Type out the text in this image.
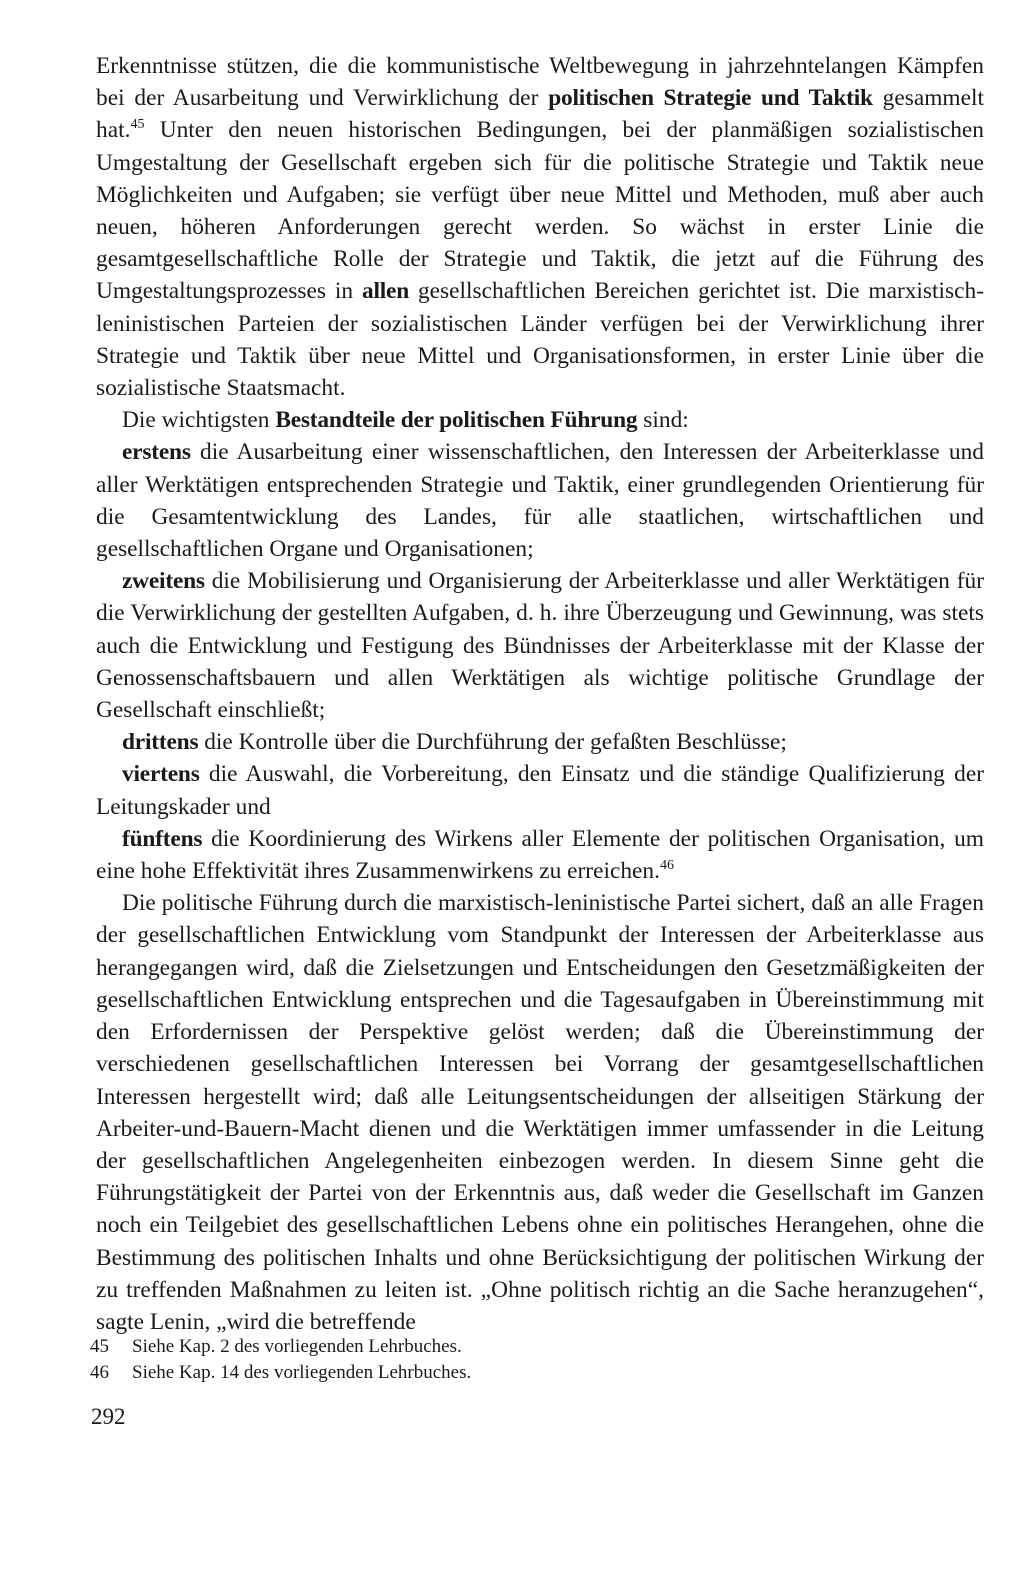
Erkenntnisse stützen, die die kommunistische Weltbewegung in jahrzehntelangen Kämpfen bei der Ausarbeitung und Verwirklichung der politischen Strategie und Taktik gesammelt hat.$^{45}$ Unter den neuen historischen Bedingungen, bei der planmäßigen sozialistischen Umgestaltung der Gesellschaft ergeben sich für die politische Strategie und Taktik neue Möglichkeiten und Aufgaben; sie verfügt über neue Mittel und Methoden, muß aber auch neuen, höheren Anforderungen gerecht werden. So wächst in erster Linie die gesamtgesellschaftliche Rolle der Strategie und Taktik, die jetzt auf die Führung des Umgestaltungsprozesses in allen gesellschaftlichen Bereichen gerichtet ist. Die marxistisch-leninistischen Parteien der sozialistischen Länder verfügen bei der Verwirklichung ihrer Strategie und Taktik über neue Mittel und Organisationsformen, in erster Linie über die sozialistische Staatsmacht.

Die wichtigsten Bestandteile der politischen Führung sind:

erstens die Ausarbeitung einer wissenschaftlichen, den Interessen der Arbeiterklasse und aller Werktätigen entsprechenden Strategie und Taktik, einer grundlegenden Orientierung für die Gesamtentwicklung des Landes, für alle staatlichen, wirtschaftlichen und gesellschaftlichen Organe und Organisationen;

zweitens die Mobilisierung und Organisierung der Arbeiterklasse und aller Werktätigen für die Verwirklichung der gestellten Aufgaben, d. h. ihre Überzeugung und Gewinnung, was stets auch die Entwicklung und Festigung des Bündnisses der Arbeiterklasse mit der Klasse der Genossenschaftsbauern und allen Werktätigen als wichtige politische Grundlage der Gesellschaft einschließt;

drittens die Kontrolle über die Durchführung der gefaßten Beschlüsse;

viertens die Auswahl, die Vorbereitung, den Einsatz und die ständige Qualifizierung der Leitungskader und

fünftens die Koordinierung des Wirkens aller Elemente der politischen Organisation, um eine hohe Effektivität ihres Zusammenwirkens zu erreichen.$^{46}$

Die politische Führung durch die marxistisch-leninistische Partei sichert, daß an alle Fragen der gesellschaftlichen Entwicklung vom Standpunkt der Interessen der Arbeiterklasse aus herangegangen wird, daß die Zielsetzungen und Entscheidungen den Gesetzmäßigkeiten der gesellschaftlichen Entwicklung entsprechen und die Tagesaufgaben in Übereinstimmung mit den Erfordernissen der Perspektive gelöst werden; daß die Übereinstimmung der verschiedenen gesellschaftlichen Interessen bei Vorrang der gesamtgesellschaftlichen Interessen hergestellt wird; daß alle Leitungsentscheidungen der allseitigen Stärkung der Arbeiter-und-Bauern-Macht dienen und die Werktätigen immer umfassender in die Leitung der gesellschaftlichen Angelegenheiten einbezogen werden. In diesem Sinne geht die Führungstätigkeit der Partei von der Erkenntnis aus, daß weder die Gesellschaft im Ganzen noch ein Teilgebiet des gesellschaftlichen Lebens ohne ein politisches Herangehen, ohne die Bestimmung des politischen Inhalts und ohne Berücksichtigung der politischen Wirkung der zu treffenden Maßnahmen zu leiten ist. „Ohne politisch richtig an die Sache heranzugehen“, sagte Lenin, „wird die betreffende

45 Siehe Kap. 2 des vorliegenden Lehrbuches.
46 Siehe Kap. 14 des vorliegenden Lehrbuches.
292
